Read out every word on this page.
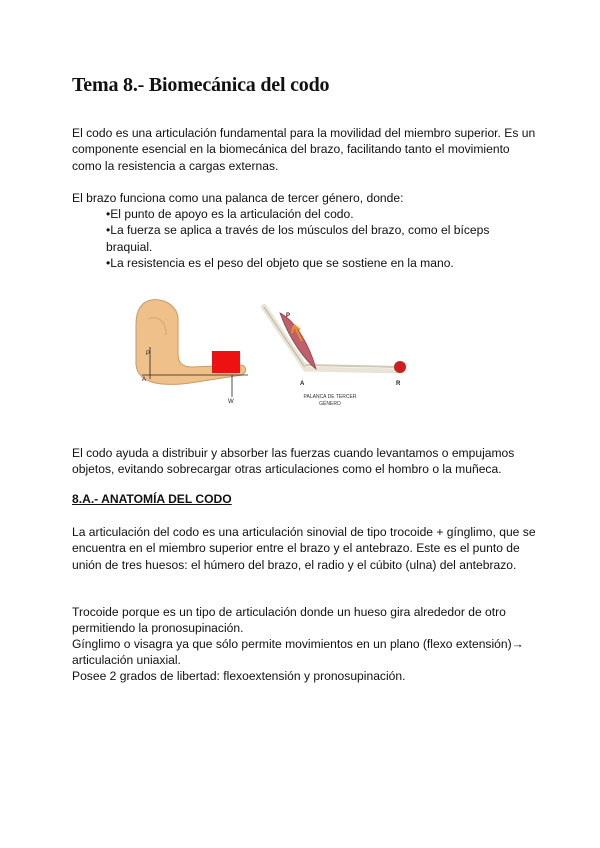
Tema 8.- Biomecánica del codo

El codo es una articulación fundamental para la movilidad del miembro superior. Es un componente esencial en la biomecánica del brazo, facilitando tanto el movimiento como la resistencia a cargas externas.

El brazo funciona como una palanca de tercer género, donde:

• El punto de apoyo es la articulación del codo.
• La fuerza se aplica a través de los músculos del brazo, como el bíceps braquial.
• La resistencia es el peso del objeto que se sostiene en la mano.
P
A
W
P
A	R
PALANCA DE TERCER
GÉNERO

El codo ayuda a distribuir y absorber las fuerzas cuando levantamos o empujamos objetos, evitando sobrecargar otras articulaciones como el hombro o la muñeca.

8.A.- ANATOMÍA DEL CODO

La articulación del codo es una articulación sinovial de tipo trocoide + gínglimo, que se encuentra en el miembro superior entre el brazo y el antebrazo. Este es el punto de unión de tres huesos: el húmero del brazo, el radio y el cúbito (ulna) del antebrazo.

Trocoide porque es un tipo de articulación donde un hueso gira alrededor de otro permitiendo la pronosupinación.

Gínglimo o visagra ya que sólo permite movimientos en un plano (flexo extensión)→ articulación uniaxial.

Posee 2 grados de libertad: flexoextensión y pronosupinación.
